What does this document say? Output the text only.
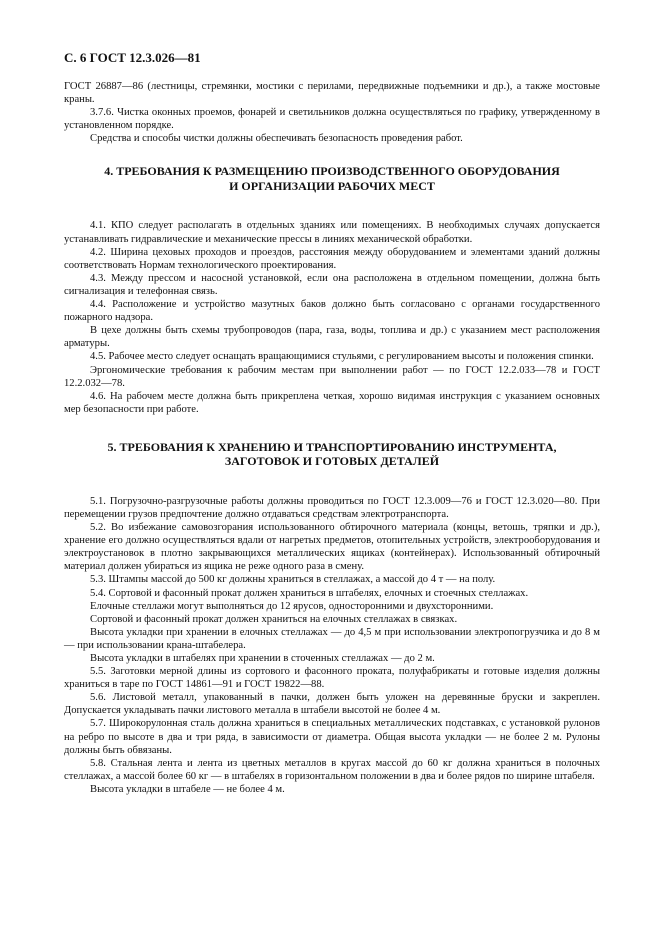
С. 6 ГОСТ 12.3.026—81

ГОСТ 26887—86 (лестницы, стремянки, мостики с перилами, передвижные подъемники и др.), а также мостовые краны.

3.7.6. Чистка оконных проемов, фонарей и светильников должна осуществляться по графику, утвержденному в установленном порядке.

Средства и способы чистки должны обеспечивать безопасность проведения работ.

4. ТРЕБОВАНИЯ К РАЗМЕЩЕНИЮ ПРОИЗВОДСТВЕННОГО ОБОРУДОВАНИЯ
И ОРГАНИЗАЦИИ РАБОЧИХ МЕСТ

4.1. КПО следует располагать в отдельных зданиях или помещениях. В необходимых случаях допускается устанавливать гидравлические и механические прессы в линиях механической обработки.

4.2. Ширина цеховых проходов и проездов, расстояния между оборудованием и элементами зданий должны соответствовать Нормам технологического проектирования.

4.3. Между прессом и насосной установкой, если она расположена в отдельном помещении, должна быть сигнализация и телефонная связь.

4.4. Расположение и устройство мазутных баков должно быть согласовано с органами государственного пожарного надзора.

В цехе должны быть схемы трубопроводов (пара, газа, воды, топлива и др.) с указанием мест расположения арматуры.

4.5. Рабочее место следует оснащать вращающимися стульями, с регулированием высоты и положения спинки.

Эргономические требования к рабочим местам при выполнении работ — по ГОСТ 12.2.033—78 и ГОСТ 12.2.032—78.

4.6. На рабочем месте должна быть прикреплена четкая, хорошо видимая инструкция с указанием основных мер безопасности при работе.

5. ТРЕБОВАНИЯ К ХРАНЕНИЮ И ТРАНСПОРТИРОВАНИЮ ИНСТРУМЕНТА,
ЗАГОТОВОК И ГОТОВЫХ ДЕТАЛЕЙ

5.1. Погрузочно-разгрузочные работы должны проводиться по ГОСТ 12.3.009—76 и ГОСТ 12.3.020—80. При перемещении грузов предпочтение должно отдаваться средствам электротранспорта.

5.2. Во избежание самовозгорания использованного обтирочного материала (концы, ветошь, тряпки и др.), хранение его должно осуществляться вдали от нагретых предметов, отопительных устройств, электрооборудования и электроустановок в плотно закрывающихся металлических ящиках (контейнерах). Использованный обтирочный материал должен убираться из ящика не реже одного раза в смену.

5.3. Штампы массой до 500 кг должны храниться в стеллажах, а массой до 4 т — на полу.

5.4. Сортовой и фасонный прокат должен храниться в штабелях, елочных и стоечных стеллажах.

Елочные стеллажи могут выполняться до 12 ярусов, односторонними и двухсторонними.

Сортовой и фасонный прокат должен храниться на елочных стеллажах в связках.

Высота укладки при хранении в елочных стеллажах — до 4,5 м при использовании электропогрузчика и до 8 м — при использовании крана-штабелера.

Высота укладки в штабелях при хранении в сточенных стеллажах — до 2 м.

5.5. Заготовки мерной длины из сортового и фасонного проката, полуфабрикаты и готовые изделия должны храниться в таре по ГОСТ 14861—91 и ГОСТ 19822—88.

5.6. Листовой металл, упакованный в пачки, должен быть уложен на деревянные бруски и закреплен. Допускается укладывать пачки листового металла в штабели высотой не более 4 м.

5.7. Широкорулонная сталь должна храниться в специальных металлических подставках, с установкой рулонов на ребро по высоте в два и три ряда, в зависимости от диаметра. Общая высота укладки — не более 2 м. Рулоны должны быть обвязаны.

5.8. Стальная лента и лента из цветных металлов в кругах массой до 60 кг должна храниться в полочных стеллажах, а массой более 60 кг — в штабелях в горизонтальном положении в два и более рядов по ширине штабеля.

Высота укладки в штабеле — не более 4 м.
